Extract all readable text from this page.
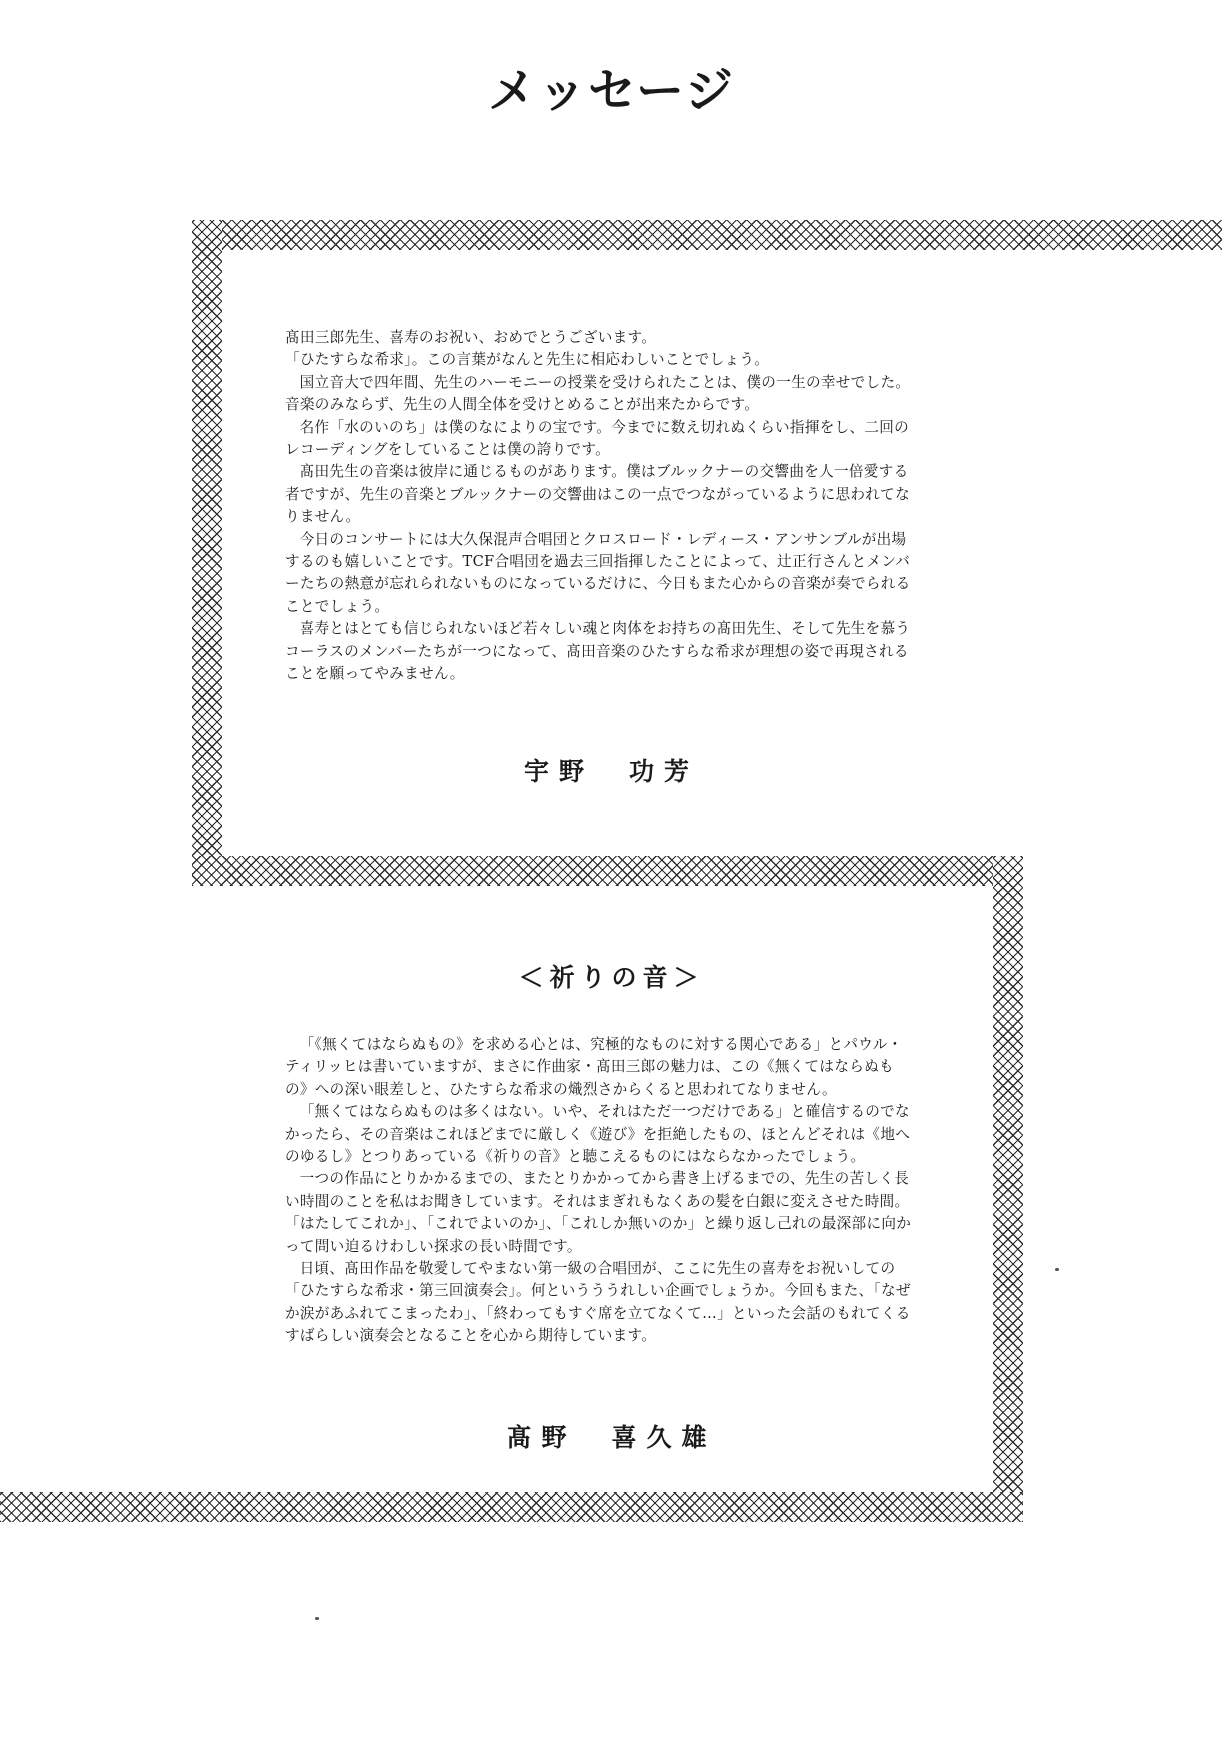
メッセージ

髙田三郎先生、喜寿のお祝い、おめでとうございます。

「ひたすらな希求」。この言葉がなんと先生に相応わしいことでしょう。

国立音大で四年間、先生のハーモニーの授業を受けられたことは、僕の一生の幸せでした。音楽のみならず、先生の人間全体を受けとめることが出来たからです。

名作「水のいのち」は僕のなによりの宝です。今までに数え切れぬくらい指揮をし、二回のレコーディングをしていることは僕の誇りです。

髙田先生の音楽は彼岸に通じるものがあります。僕はブルックナーの交響曲を人一倍愛する者ですが、先生の音楽とブルックナーの交響曲はこの一点でつながっているように思われてなりません。

今日のコンサートには大久保混声合唱団とクロスロード・レディース・アンサンブルが出場するのも嬉しいことです。TCF合唱団を過去三回指揮したことによって、辻正行さんとメンバーたちの熱意が忘れられないものになっているだけに、今日もまた心からの音楽が奏でられることでしょう。

喜寿とはとても信じられないほど若々しい魂と肉体をお持ちの髙田先生、そして先生を慕うコーラスのメンバーたちが一つになって、髙田音楽のひたすらな希求が理想の姿で再現されることを願ってやみません。

宇野　功芳
＜祈りの音＞

「《無くてはならぬもの》を求める心とは、究極的なものに対する関心である」とパウル・ティリッヒは書いていますが、まさに作曲家・髙田三郎の魅力は、この《無くてはならぬもの》への深い眼差しと、ひたすらな希求の熾烈さからくると思われてなりません。

「無くてはならぬものは多くはない。いや、それはただ一つだけである」と確信するのでなかったら、その音楽はこれほどまでに厳しく《遊び》を拒絶したもの、ほとんどそれは《地へのゆるし》とつりあっている《祈りの音》と聴こえるものにはならなかったでしょう。

一つの作品にとりかかるまでの、またとりかかってから書き上げるまでの、先生の苦しく長い時間のことを私はお聞きしています。それはまぎれもなくあの髪を白銀に変えさせた時間。「はたしてこれか」、「これでよいのか」、「これしか無いのか」と繰り返し己れの最深部に向かって問い迫るけわしい探求の長い時間です。

日頃、髙田作品を敬愛してやまない第一級の合唱団が、ここに先生の喜寿をお祝いしての「ひたすらな希求・第三回演奏会」。何というううれしい企画でしょうか。今回もまた、「なぜか涙があふれてこまったわ」、「終わってもすぐ席を立てなくて…」といった会話のもれてくるすばらしい演奏会となることを心から期待しています。

髙野　喜久雄
